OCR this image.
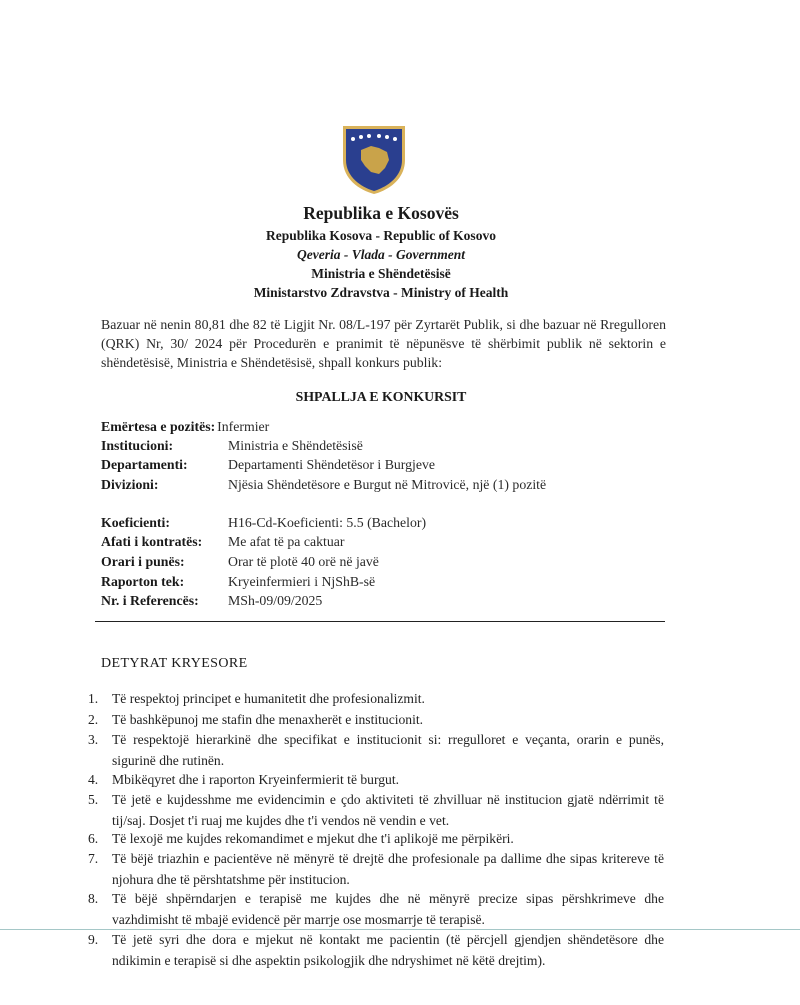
Republika e Kosovës
Republika Kosova - Republic of Kosovo
Qeveria - Vlada - Government
Ministria e Shëndetësisë
Ministarstvo Zdravstva - Ministry of Health
Bazuar në nenin 80,81 dhe 82 të Ligjit Nr. 08/L-197 për Zyrtarët Publik, si dhe bazuar në Rregulloren (QRK) Nr, 30/ 2024 për Procedurën e pranimit të nëpunësve të shërbimit publik në sektorin e shëndetësisë, Ministria e Shëndetësisë, shpall konkurs publik:
SHPALLJA E KONKURSIT
Emërtesa e pozitës: Infermier
Institucioni:	Ministria e Shëndetësisë
Departamenti:	Departamenti Shëndetësor i Burgjeve
Divizioni:	Njësia Shëndetësore e Burgut në Mitrovicë, një (1) pozitë
Koeficienti:	H16-Cd-Koeficienti: 5.5 (Bachelor)
Afati i kontratës: Me afat të pa caktuar
Orari i punës:	Orar të plotë 40 orë në javë
Raporton tek:	Kryeinfermieri i NjShB-së
Nr. i Referencës: MSh-09/09/2025
DETYRAT KRYESORE
1.	Të respektoj principet e humanitetit dhe profesionalizmit.
2.	Të bashkëpunoj me stafin dhe menaxherët e institucionit.
3.	Të respektojë hierarkinë dhe specifikat e institucionit si: rregulloret e veçanta, orarin e punës, sigurinë dhe rutinën.
4.	Mbikëqyret dhe i raporton Kryeinfermierit të burgut.
5.	Të jetë e kujdesshme me evidencimin e çdo aktiviteti të zhvilluar në institucion gjatë ndërrimit të tij/saj. Dosjet t'i ruaj me kujdes dhe t'i vendos në vendin e vet.
6.	Të lexojë me kujdes rekomandimet e mjekut dhe t'i aplikojë me përpikëri.
7.	Të bëjë triazhin e pacientëve në mënyrë të drejtë dhe profesionale pa dallime dhe sipas kritereve të njohura dhe të përshtatshme për institucion.
8.	Të bëjë shpërndarjen e terapisë me kujdes dhe në mënyrë precize sipas përshkrimeve dhe vazhdimisht të mbajë evidencë për marrje ose mosmarrje të terapisë.
9.	Të jetë syri dhe dora e mjekut në kontakt me pacientin (të përcjell gjendjen shëndetësore dhe ndikimin e terapisë si dhe aspektin psikologjik dhe ndryshimet në këtë drejtim).
